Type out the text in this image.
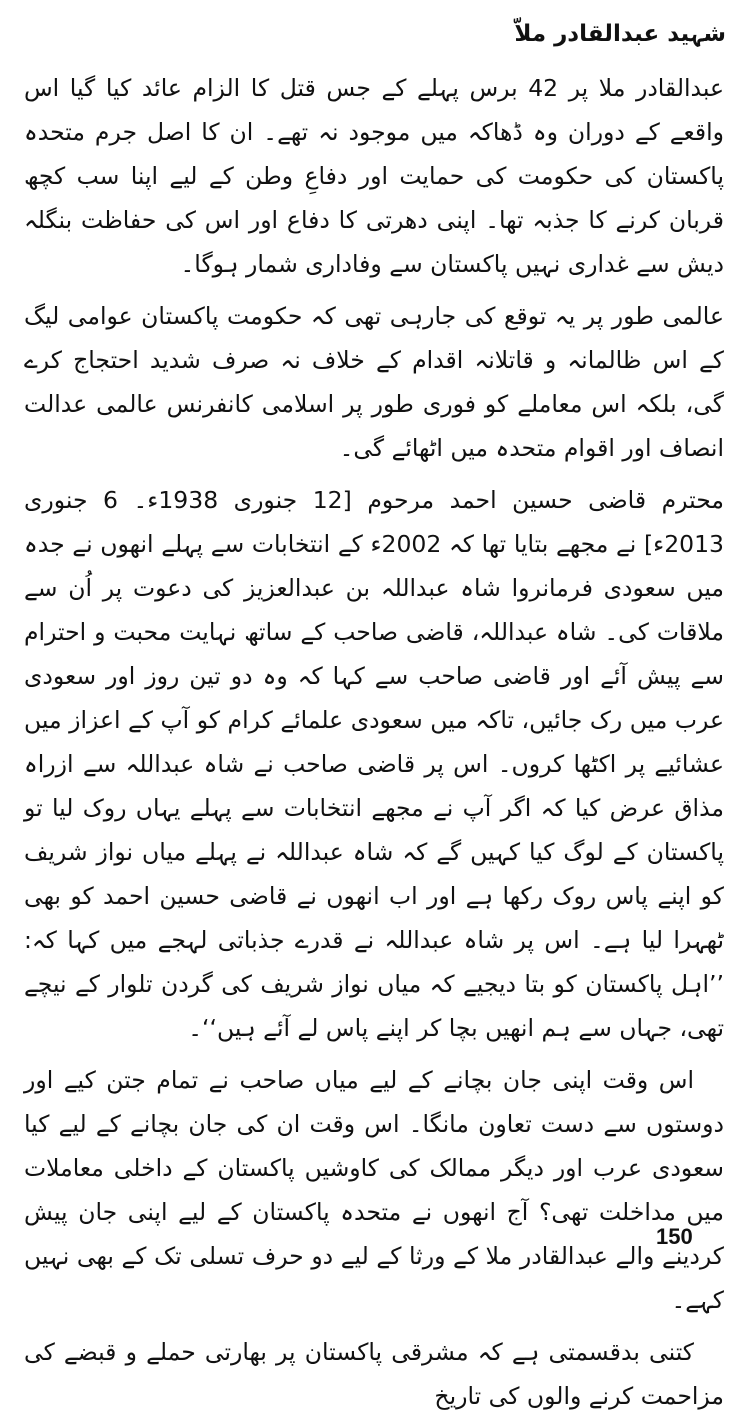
شہید عبدالقادر ملاّ

عبدالقادر ملا پر 42 برس پہلے کے جس قتل کا الزام عائد کیا گیا اس واقعے کے دوران وہ ڈھاکہ میں موجود نہ تھے۔ ان کا اصل جرم متحدہ پاکستان کی حکومت کی حمایت اور دفاعِ وطن کے لیے اپنا سب کچھ قربان کرنے کا جذبہ تھا۔ اپنی دھرتی کا دفاع اور اس کی حفاظت بنگلہ دیش سے غداری نہیں پاکستان سے وفاداری شمار ہوگا۔

عالمی طور پر یہ توقع کی جارہی تھی کہ حکومت پاکستان عوامی لیگ کے اس ظالمانہ و قاتلانہ اقدام کے خلاف نہ صرف شدید احتجاج کرے گی، بلکہ اس معاملے کو فوری طور پر اسلامی کانفرنس عالمی عدالت انصاف اور اقوام متحدہ میں اٹھائے گی۔

محترم قاضی حسین احمد مرحوم [12 جنوری 1938ء۔ 6 جنوری 2013ء] نے مجھے بتایا تھا کہ 2002ء کے انتخابات سے پہلے انھوں نے جدہ میں سعودی فرمانروا شاہ عبداللہ بن عبدالعزیز کی دعوت پر اُن سے ملاقات کی۔ شاہ عبداللہ، قاضی صاحب کے ساتھ نہایت محبت و احترام سے پیش آئے اور قاضی صاحب سے کہا کہ وہ دو تین روز اور سعودی عرب میں رک جائیں، تاکہ میں سعودی علمائے کرام کو آپ کے اعزاز میں عشائیے پر اکٹھا کروں۔ اس پر قاضی صاحب نے شاہ عبداللہ سے ازراہ مذاق عرض کیا کہ اگر آپ نے مجھے انتخابات سے پہلے یہاں روک لیا تو پاکستان کے لوگ کیا کہیں گے کہ شاہ عبداللہ نے پہلے میاں نواز شریف کو اپنے پاس روک رکھا ہے اور اب انھوں نے قاضی حسین احمد کو بھی ٹھہرا لیا ہے۔ اس پر شاہ عبداللہ نے قدرے جذباتی لہجے میں کہا کہ: ’’اہل پاکستان کو بتا دیجیے کہ میاں نواز شریف کی گردن تلوار کے نیچے تھی، جہاں سے ہم انھیں بچا کر اپنے پاس لے آئے ہیں‘‘۔

اس وقت اپنی جان بچانے کے لیے میاں صاحب نے تمام جتن کیے اور دوستوں سے دست تعاون مانگا۔ اس وقت ان کی جان بچانے کے لیے کیا سعودی عرب اور دیگر ممالک کی کاوشیں پاکستان کے داخلی معاملات میں مداخلت تھی؟ آج انھوں نے متحدہ پاکستان کے لیے اپنی جان پیش کردینے والے عبدالقادر ملا کے ورثا کے لیے دو حرف تسلی تک کے بھی نہیں کہے۔

کتنی بدقسمتی ہے کہ مشرقی پاکستان پر بھارتی حملے و قبضے کی مزاحمت کرنے والوں کی تاریخ

150
